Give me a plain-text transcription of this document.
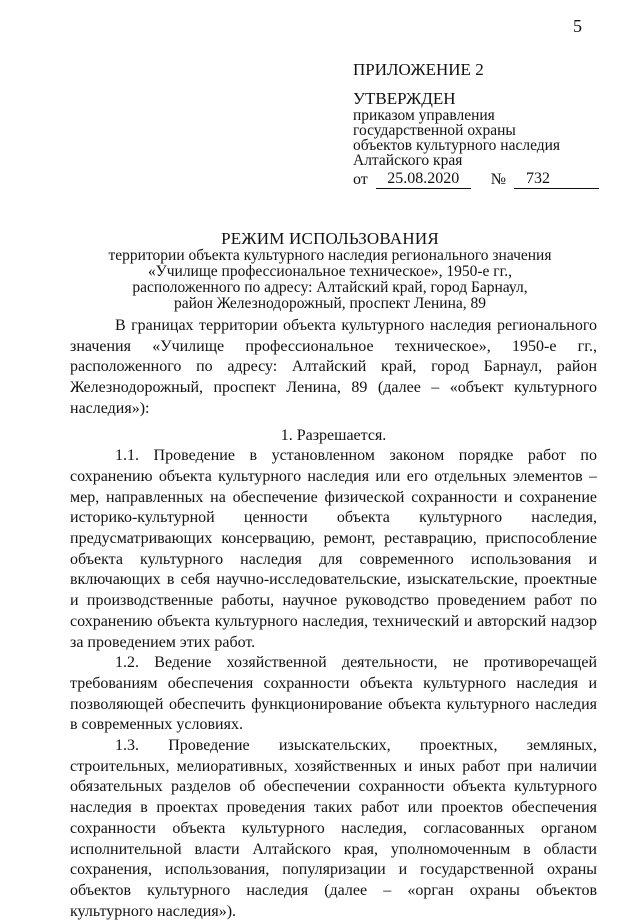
5
ПРИЛОЖЕНИЕ 2
УТВЕРЖДЕН
приказом управления
государственной охраны
объектов культурного наследия
Алтайского края
от	25.08.2020	№	732
РЕЖИМ ИСПОЛЬЗОВАНИЯ
территории объекта культурного наследия регионального значения
«Училище профессиональное техническое», 1950-е гг.,
расположенного по адресу: Алтайский край, город Барнаул,
район Железнодорожный, проспект Ленина, 89

В границах территории объекта культурного наследия регионального значения «Училище профессиональное техническое», 1950-е гг., расположенного по адресу: Алтайский край, город Барнаул, район Железнодорожный, проспект Ленина, 89 (далее – «объект культурного наследия»):

1. Разрешается.

1.1. Проведение в установленном законом порядке работ по сохранению объекта культурного наследия или его отдельных элементов – мер, направленных на обеспечение физической сохранности и сохранение историко-культурной ценности объекта культурного наследия, предусматривающих консервацию, ремонт, реставрацию, приспособление объекта культурного наследия для современного использования и включающих в себя научно-исследовательские, изыскательские, проектные и производственные работы, научное руководство проведением работ по сохранению объекта культурного наследия, технический и авторский надзор за проведением этих работ.

1.2. Ведение хозяйственной деятельности, не противоречащей требованиям обеспечения сохранности объекта культурного наследия и позволяющей обеспечить функционирование объекта культурного наследия в современных условиях.

1.3. Проведение изыскательских, проектных, земляных, строительных, мелиоративных, хозяйственных и иных работ при наличии обязательных разделов об обеспечении сохранности объекта культурного наследия в проектах проведения таких работ или проектов обеспечения сохранности объекта культурного наследия, согласованных органом исполнительной власти Алтайского края, уполномоченным в области сохранения, использования, популяризации и государственной охраны объектов культурного наследия (далее – «орган охраны объектов культурного наследия»).
